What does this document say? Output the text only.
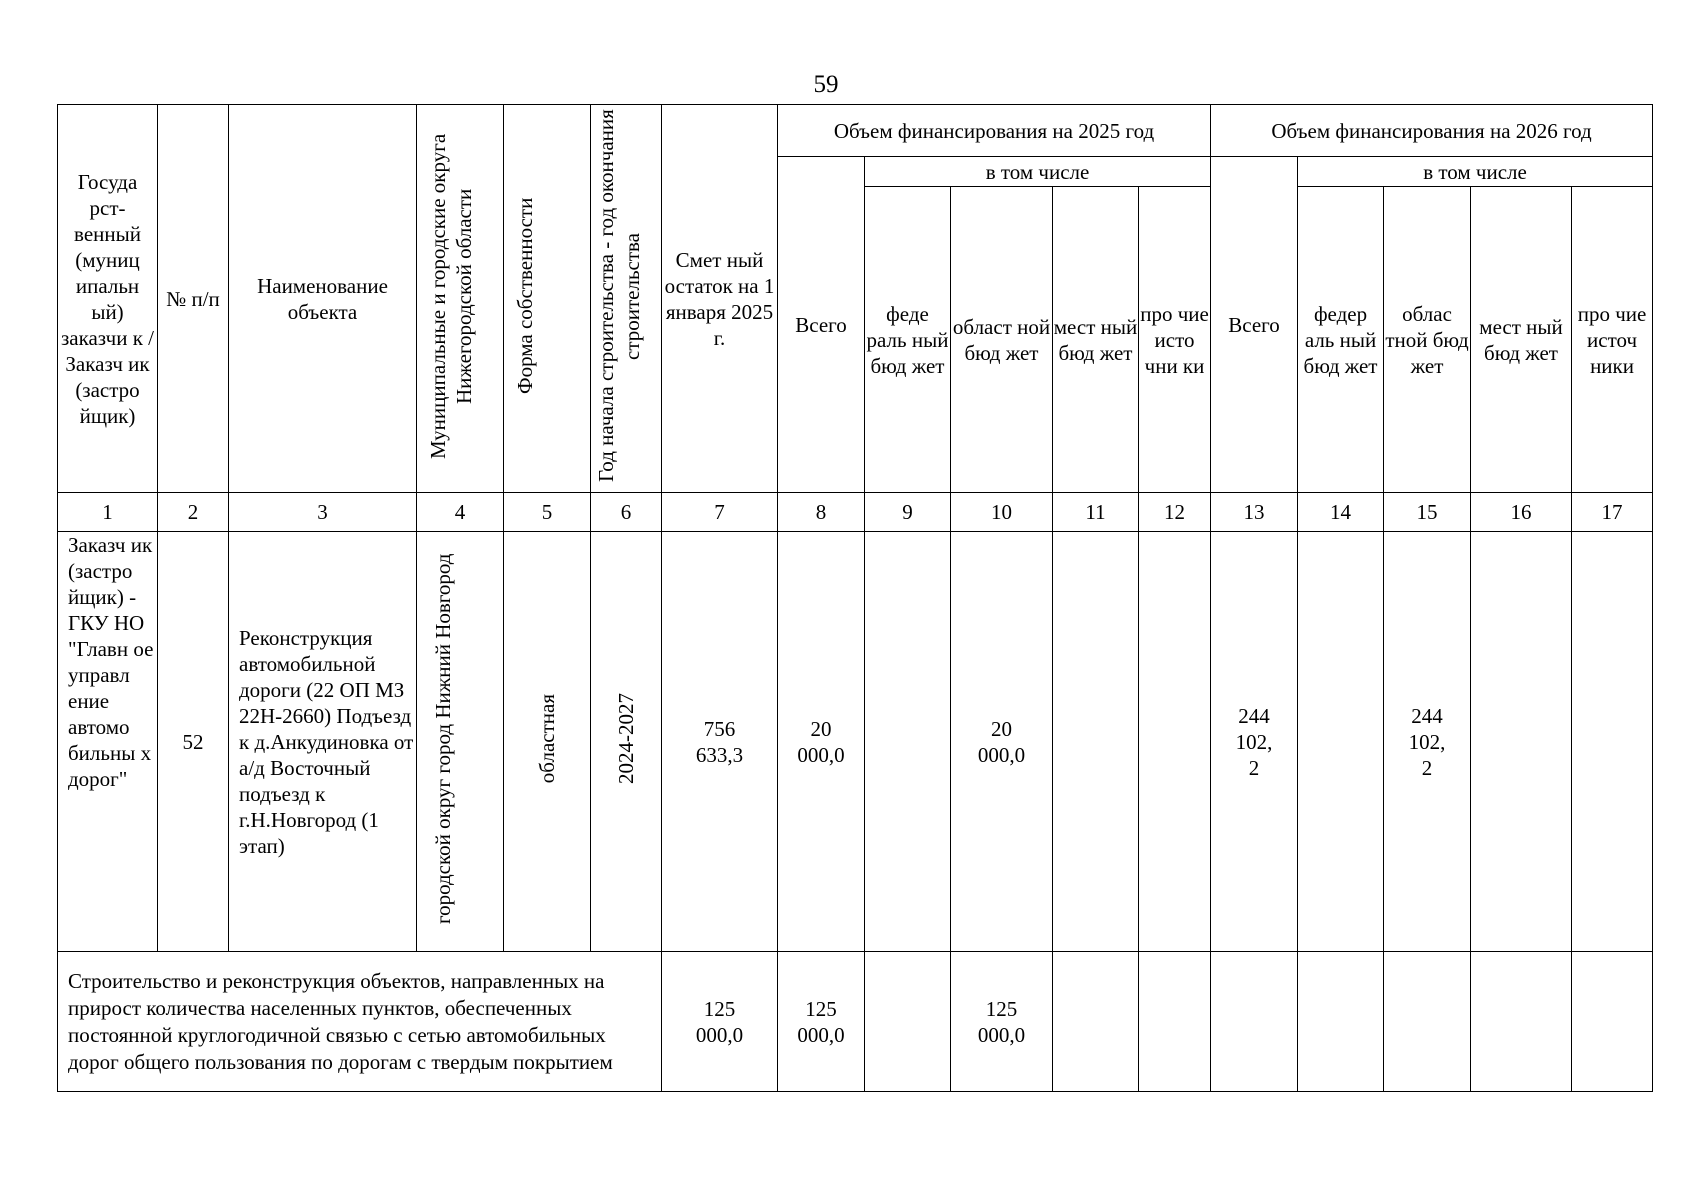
59
Госуда рст-венный (муниц ипальн ый) заказчи к / Заказч ик (застро йщик)	№ п/п	Наименование объекта	Муниципальные и городские округа Нижегородской области	Форма собственности	Год начала строительства - год окончания строительства	Смет ный остаток на 1 января 2025 г.	Объем финансирования на 2025 год					Объем финансирования на 2026 год				
							Всего	в том числе				Всего	в том числе			
								феде раль ный бюд жет	област ной бюд жет	мест ный бюд жет	про чие исто чни ки		федер аль ный бюд жет	облас тной бюд жет	мест ный бюд жет	про чие источ ники
1	2	3	4	5	6	7	8	9	10	11	12	13	14	15	16	17
Заказч ик (застро йщик) - ГКУ НО "Главн ое управл ение автомо бильны х дорог"	52	Реконструкция автомобильной дороги (22 ОП МЗ 22Н-2660) Подъезд к д.Анкудиновка от а/д Восточный подъезд к г.Н.Новгород (1 этап)	городской округ город Нижний Новгород	областная	2024-2027	756 633,3	20 000,0		20 000,0			244 102,2		244 102,2		
Строительство и реконструкция объектов, направленных на прирост количества населенных пунктов, обеспеченных постоянной круглогодичной связью с сетью автомобильных дорог общего пользования по дорогам с твердым покрытием						125 000,0	125 000,0		125 000,0							
